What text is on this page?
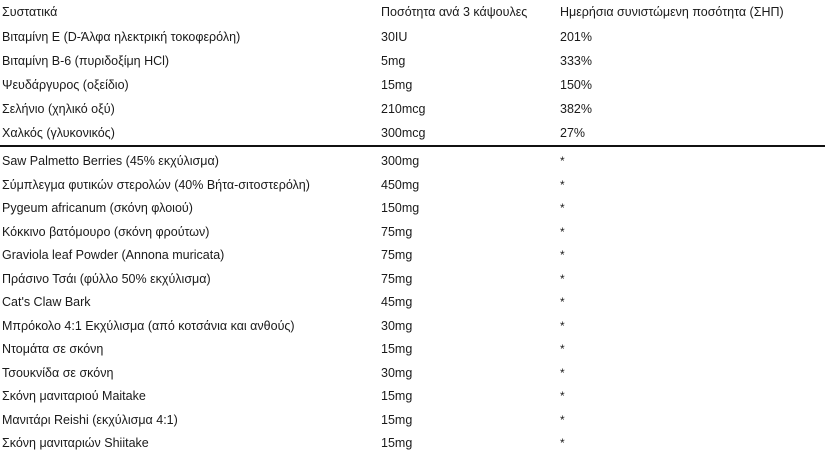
Συστατικά	Ποσότητα ανά 3 κάψουλες	Ημερήσια συνιστώμενη ποσότητα (ΣΗΠ)
Βιταμίνη Ε (D-Άλφα ηλεκτρική τοκοφερόλη)	30IU	201%
Βιταμίνη Β-6 (πυριδοξίμη HCl)	5mg	333%
Ψευδάργυρος (οξείδιο)	15mg	150%
Σελήνιο (χηλικό οξύ)	210mcg	382%
Χαλκός (γλυκονικός)	300mcg	27%
Saw Palmetto Berries (45% εκχύλισμα)	300mg	*
Σύμπλεγμα φυτικών στερολών (40% Βήτα-σιτοστερόλη)	450mg	*
Pygeum africanum (σκόνη φλοιού)	150mg	*
Κόκκινο βατόμουρο (σκόνη φρούτων)	75mg	*
Graviola leaf Powder (Annona muricata)	75mg	*
Πράσινο Τσάι (φύλλο 50% εκχύλισμα)	75mg	*
Cat's Claw Bark	45mg	*
Μπρόκολο 4:1 Εκχύλισμα (από κοτσάνια και ανθούς)	30mg	*
Ντομάτα σε σκόνη	15mg	*
Τσουκνίδα σε σκόνη	30mg	*
Σκόνη μανιταριού Maitake	15mg	*
Μανιτάρι Reishi (εκχύλισμα 4:1)	15mg	*
Σκόνη μανιταριών Shiitake	15mg	*
